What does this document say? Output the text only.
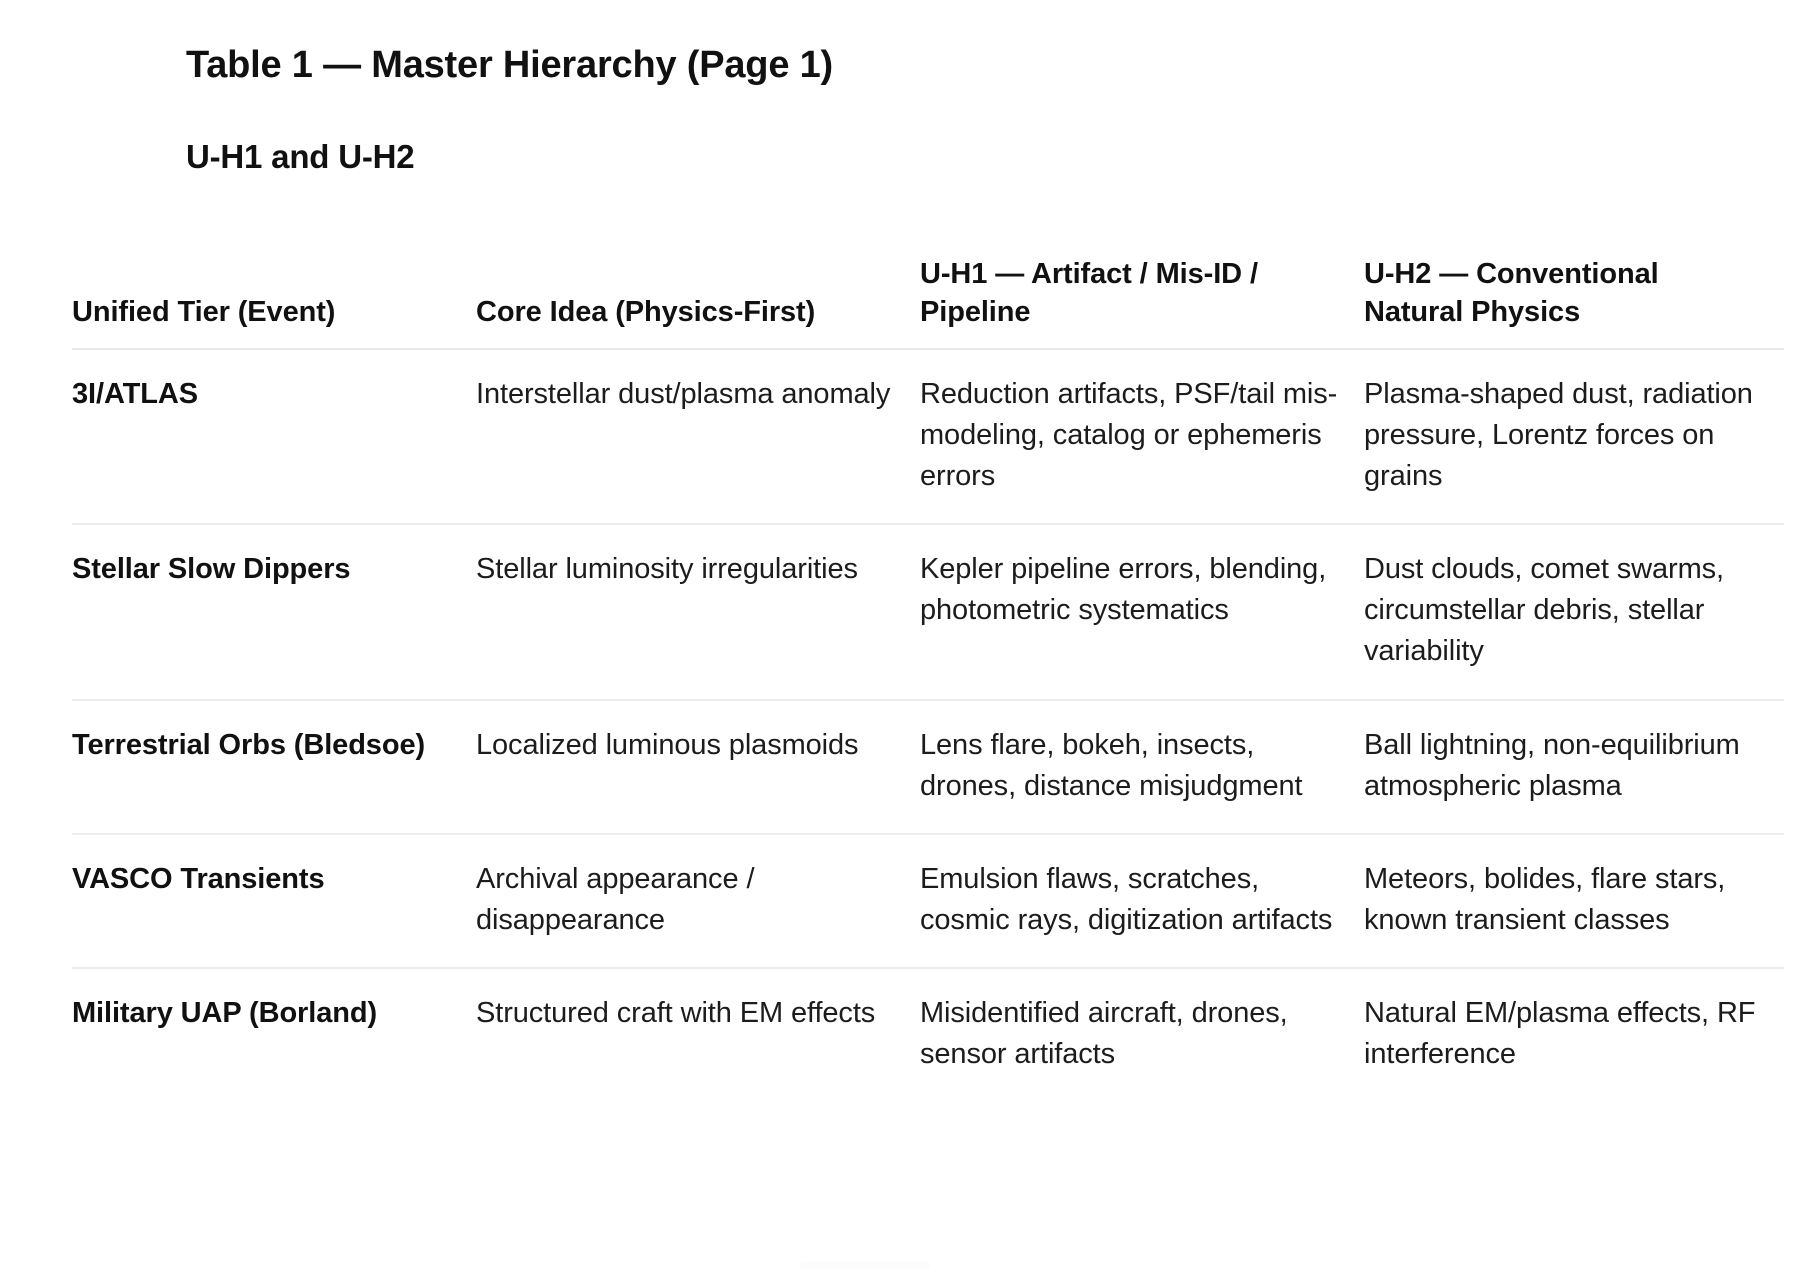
Table 1 — Master Hierarchy (Page 1)
U-H1 and U-H2
Unified Tier (Event)	Core Idea (Physics-First)	U-H1 — Artifact / Mis-ID / Pipeline	U-H2 — Conventional Natural Physics
3I/ATLAS	Interstellar dust/plasma anomaly	Reduction artifacts, PSF/tail mis-modeling, catalog or ephemeris errors	Plasma-shaped dust, radiation pressure, Lorentz forces on grains
Stellar Slow Dippers	Stellar luminosity irregularities	Kepler pipeline errors, blending, photometric systematics	Dust clouds, comet swarms, circumstellar debris, stellar variability
Terrestrial Orbs (Bledsoe)	Localized luminous plasmoids	Lens flare, bokeh, insects, drones, distance misjudgment	Ball lightning, non-equilibrium atmospheric plasma
VASCO Transients	Archival appearance / disappearance	Emulsion flaws, scratches, cosmic rays, digitization artifacts	Meteors, bolides, flare stars, known transient classes
Military UAP (Borland)	Structured craft with EM effects	Misidentified aircraft, drones, sensor artifacts	Natural EM/plasma effects, RF interference
